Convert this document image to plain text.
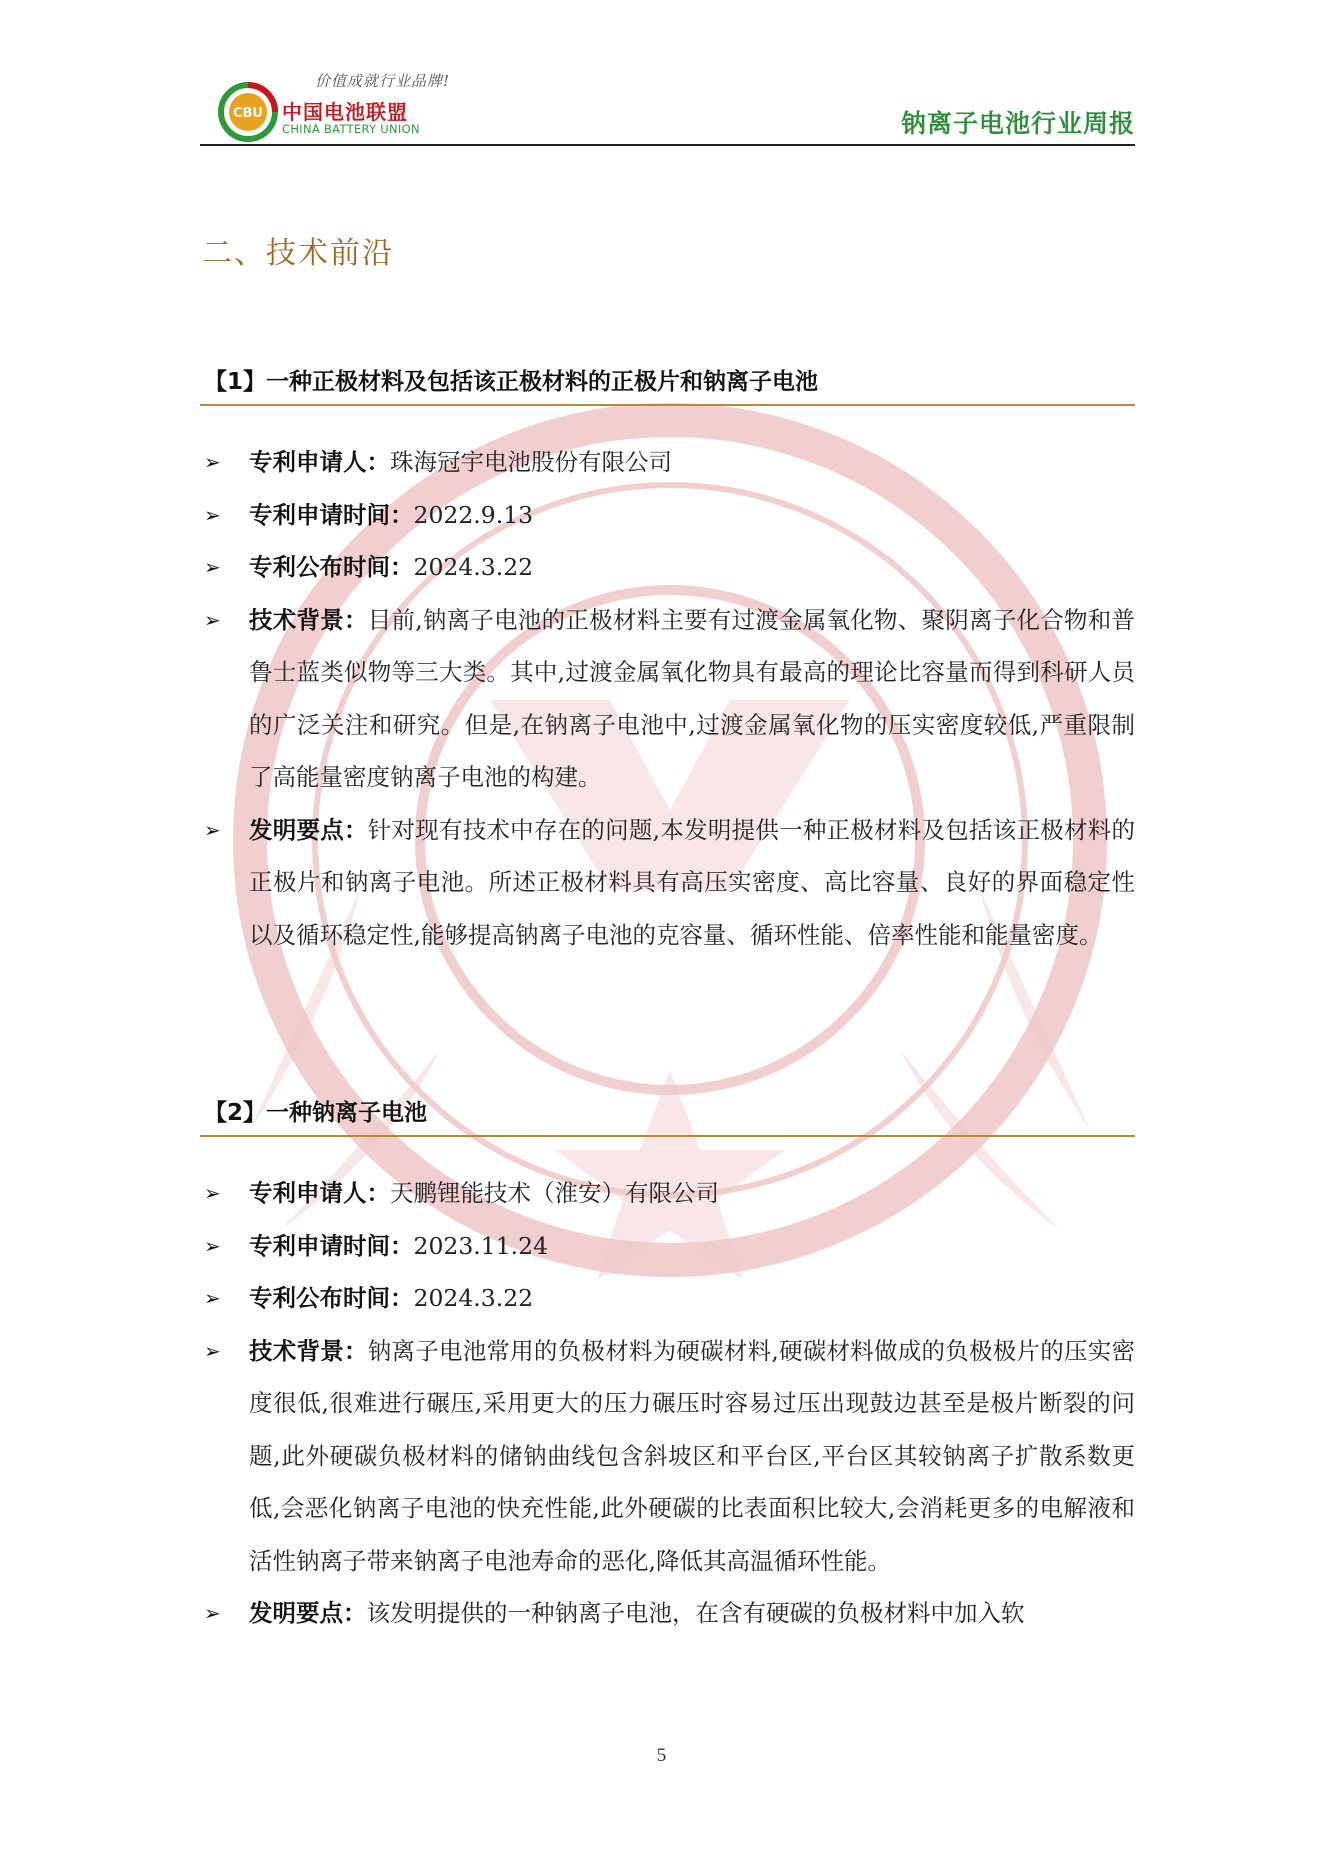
价值成就行业品牌!
CBU 中国电池联盟
CHINA BATTERY UNION	钠离子电池行业周报
二、技术前沿
【1】一种正极材料及包括该正极材料的正极片和钠离子电池
➢ 专利申请人：珠海冠宇电池股份有限公司
➢ 专利申请时间：2022.9.13
➢ 专利公布时间：2024.3.22
➢ 技术背景：目前,钠离子电池的正极材料主要有过渡金属氧化物、聚阴离子化合物和普鲁士蓝类似物等三大类。其中,过渡金属氧化物具有最高的理论比容量而得到科研人员的广泛关注和研究。但是,在钠离子电池中,过渡金属氧化物的压实密度较低,严重限制了高能量密度钠离子电池的构建。
➢ 发明要点：针对现有技术中存在的问题,本发明提供一种正极材料及包括该正极材料的正极片和钠离子电池。所述正极材料具有高压实密度、高比容量、良好的界面稳定性以及循环稳定性,能够提高钠离子电池的克容量、循环性能、倍率性能和能量密度。
【2】一种钠离子电池
➢ 专利申请人：天鹏锂能技术（淮安）有限公司
➢ 专利申请时间：2023.11.24
➢ 专利公布时间：2024.3.22
➢ 技术背景：钠离子电池常用的负极材料为硬碳材料,硬碳材料做成的负极极片的压实密度很低,很难进行碾压,采用更大的压力碾压时容易过压出现鼓边甚至是极片断裂的问题,此外硬碳负极材料的储钠曲线包含斜坡区和平台区,平台区其较钠离子扩散系数更低,会恶化钠离子电池的快充性能,此外硬碳的比表面积比较大,会消耗更多的电解液和活性钠离子带来钠离子电池寿命的恶化,降低其高温循环性能。
➢ 发明要点：该发明提供的一种钠离子电池，在含有硬碳的负极材料中加入软
5
